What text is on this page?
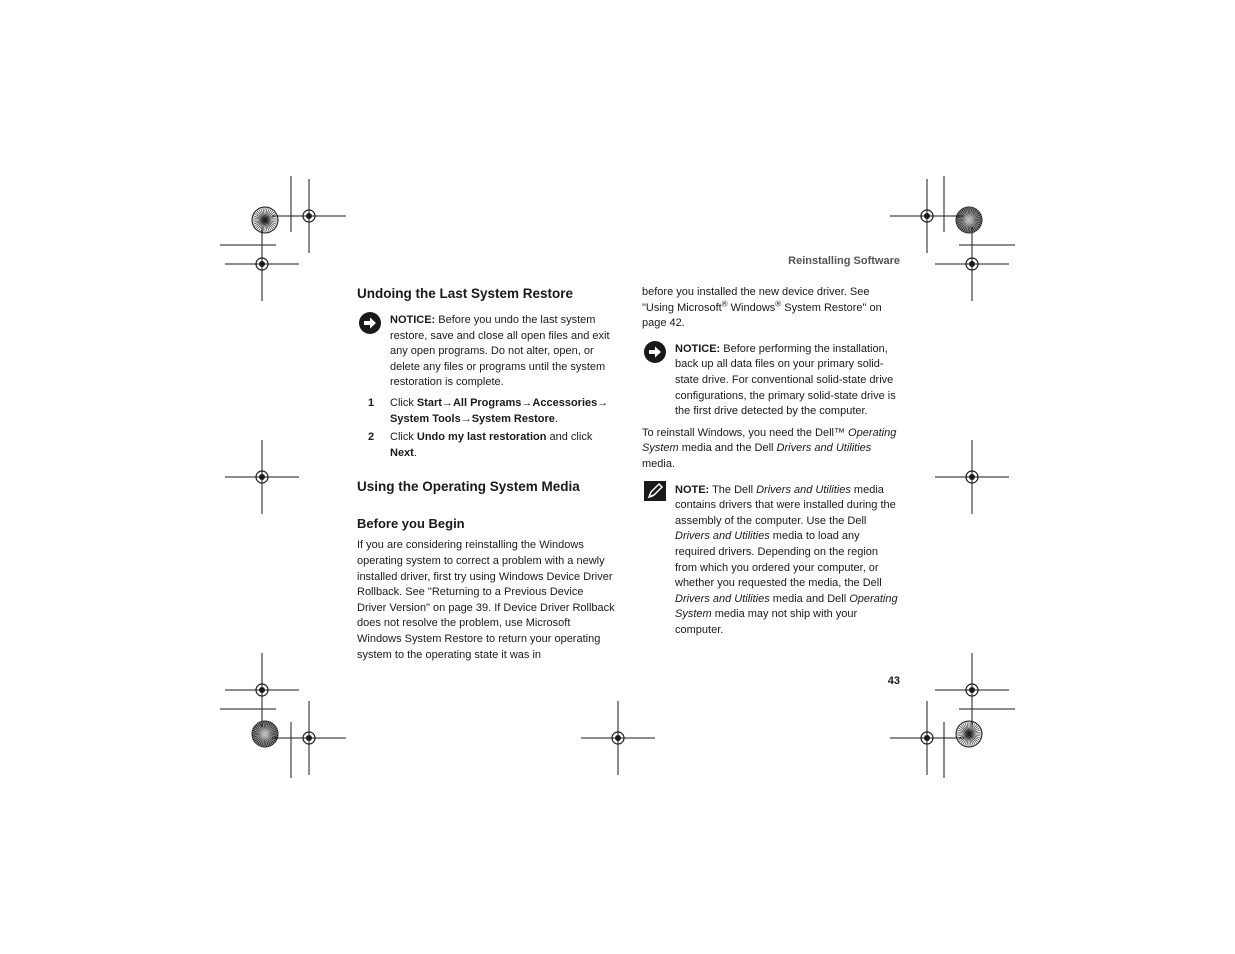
Reinstalling Software
Undoing the Last System Restore

NOTICE: Before you undo the last system restore, save and close all open files and exit any open programs. Do not alter, open, or delete any files or programs until the system restoration is complete.

1 Click Start→All Programs→Accessories→ System Tools→System Restore.

2 Click Undo my last restoration and click Next.

Using the Operating System Media
Before you Begin

If you are considering reinstalling the Windows operating system to correct a problem with a newly installed driver, first try using Windows Device Driver Rollback. See "Returning to a Previous Device Driver Version" on page 39. If Device Driver Rollback does not resolve the problem, use Microsoft Windows System Restore to return your operating system to the operating state it was in

before you installed the new device driver. See "Using Microsoft® Windows® System Restore" on page 42.

NOTICE: Before performing the installation, back up all data files on your primary solid-state drive. For conventional solid-state drive configurations, the primary solid-state drive is the first drive detected by the computer.

To reinstall Windows, you need the Dell™ Operating System media and the Dell Drivers and Utilities media.

NOTE: The Dell Drivers and Utilities media contains drivers that were installed during the assembly of the computer. Use the Dell Drivers and Utilities media to load any required drivers. Depending on the region from which you ordered your computer, or whether you requested the media, the Dell Drivers and Utilities media and Dell Operating System media may not ship with your computer.

43
